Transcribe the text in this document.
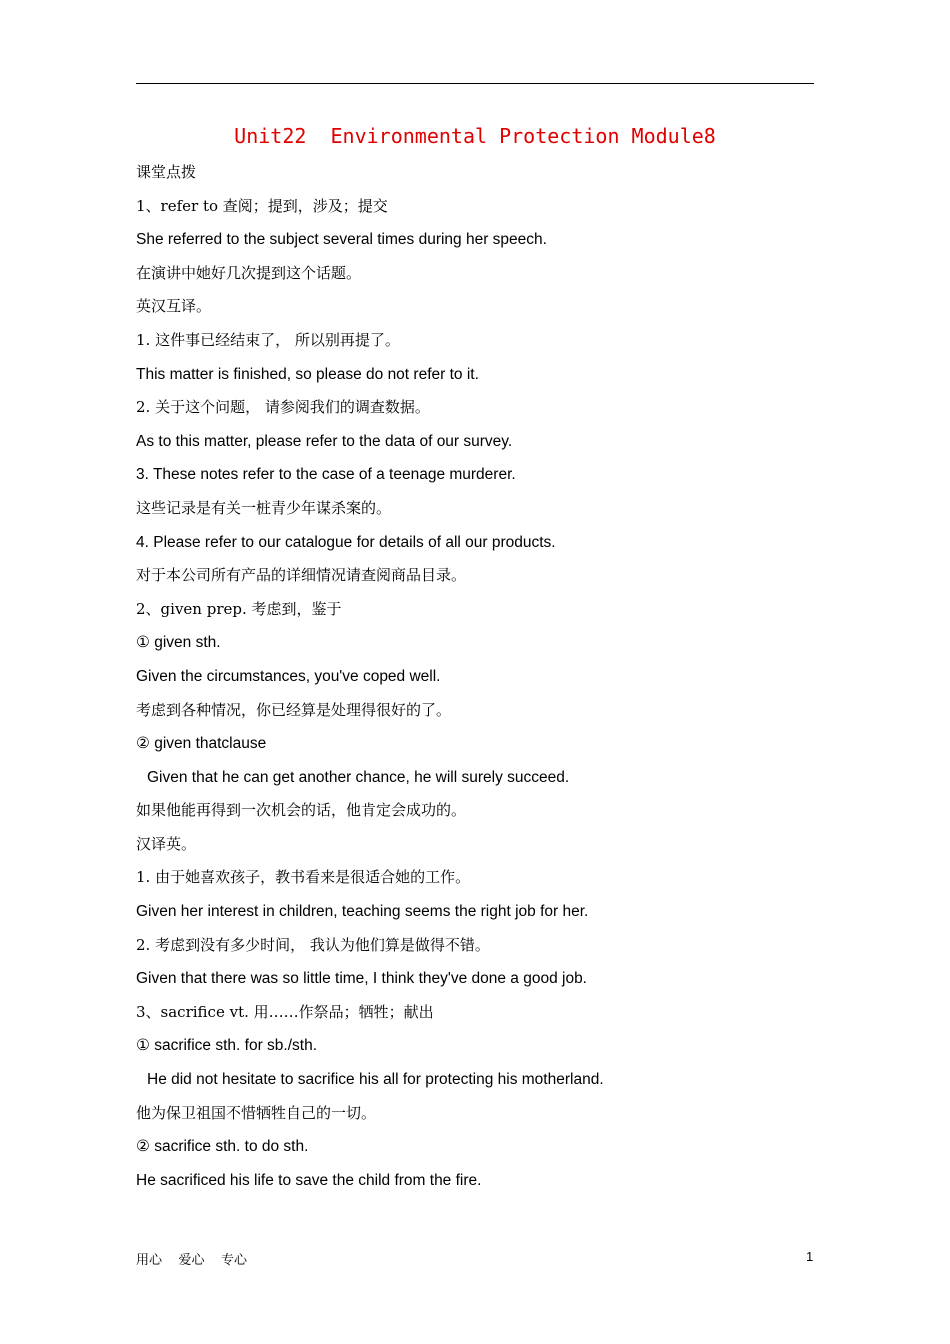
Unit22  Environmental Protection Module8
课堂点拨
1、refer to 查阅；提到，涉及；提交
She referred to the subject several times during her speech.
在演讲中她好几次提到这个话题。
英汉互译。
1. 这件事已经结束了， 所以别再提了。
This matter is finished, so please do not refer to it.
2. 关于这个问题， 请参阅我们的调查数据。
As to this matter, please refer to the data of our survey.
3. These notes refer to the case of a teenage murderer.
这些记录是有关一桩青少年谋杀案的。
4. Please refer to our catalogue for details of all our products.
对于本公司所有产品的详细情况请查阅商品目录。
2、given prep. 考虑到，鉴于
① given sth.
Given the circumstances, you've coped well.
考虑到各种情况，你已经算是处理得很好的了。
② given thatclause
Given that he can get another chance, he will surely succeed.
如果他能再得到一次机会的话，他肯定会成功的。
汉译英。
1. 由于她喜欢孩子，教书看来是很适合她的工作。
Given her interest in children, teaching seems the right job for her.
2. 考虑到没有多少时间， 我认为他们算是做得不错。
Given that there was so little time, I think they've done a good job.
3、sacrifice vt. 用……作祭品；牺牲；献出
① sacrifice sth. for sb./sth.
He did not hesitate to sacrifice his all for protecting his motherland.
他为保卫祖国不惜牺牲自己的一切。
② sacrifice sth. to do sth.
He sacrificed his life to save the child from the fire.
用心    爱心    专心	1
